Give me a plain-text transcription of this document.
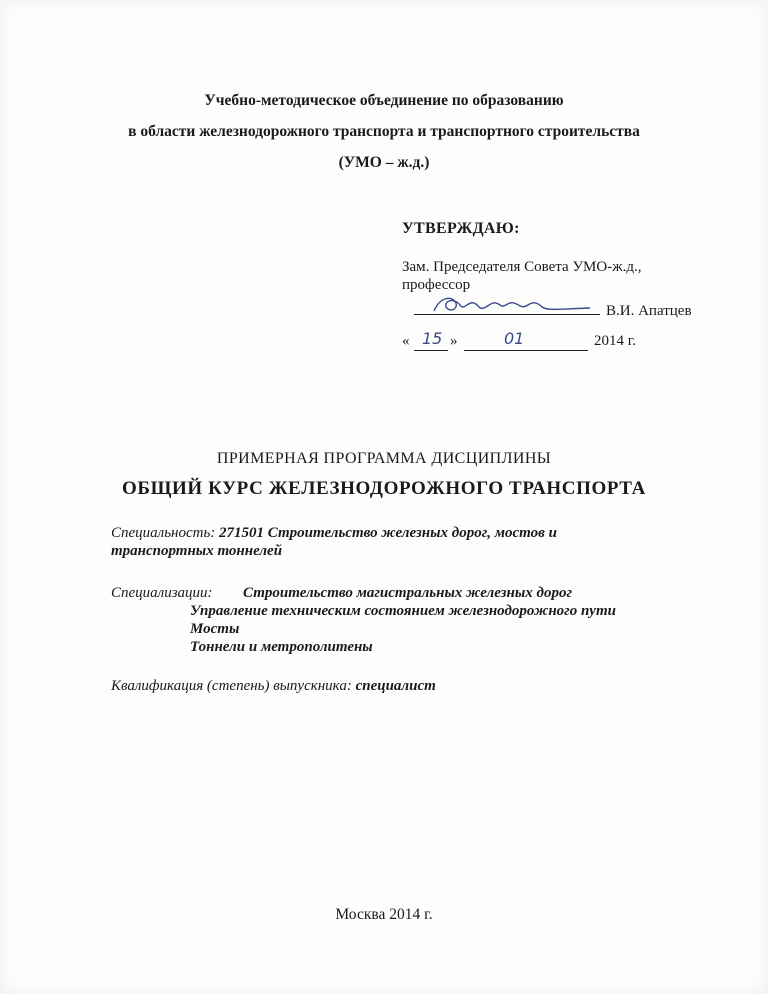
Учебно-методическое объединение по образованию
в области железнодорожного транспорта и транспортного строительства
(УМО – ж.д.)
УТВЕРЖДАЮ:
Зам. Председателя Совета УМО-ж.д.,
профессор
В.И. Апатцев
« 15 »	01	2014 г.
ПРИМЕРНАЯ ПРОГРАММА ДИСЦИПЛИНЫ
ОБЩИЙ КУРС ЖЕЛЕЗНОДОРОЖНОГО ТРАНСПОРТА
Специальность: 271501 Строительство железных дорог, мостов и
транспортных тоннелей
Специализации: Строительство магистральных железных дорог
Управление техническим состоянием железнодорожного пути
Мосты
Тоннели и метрополитены
Квалификация (степень) выпускника: специалист
Москва 2014 г.
